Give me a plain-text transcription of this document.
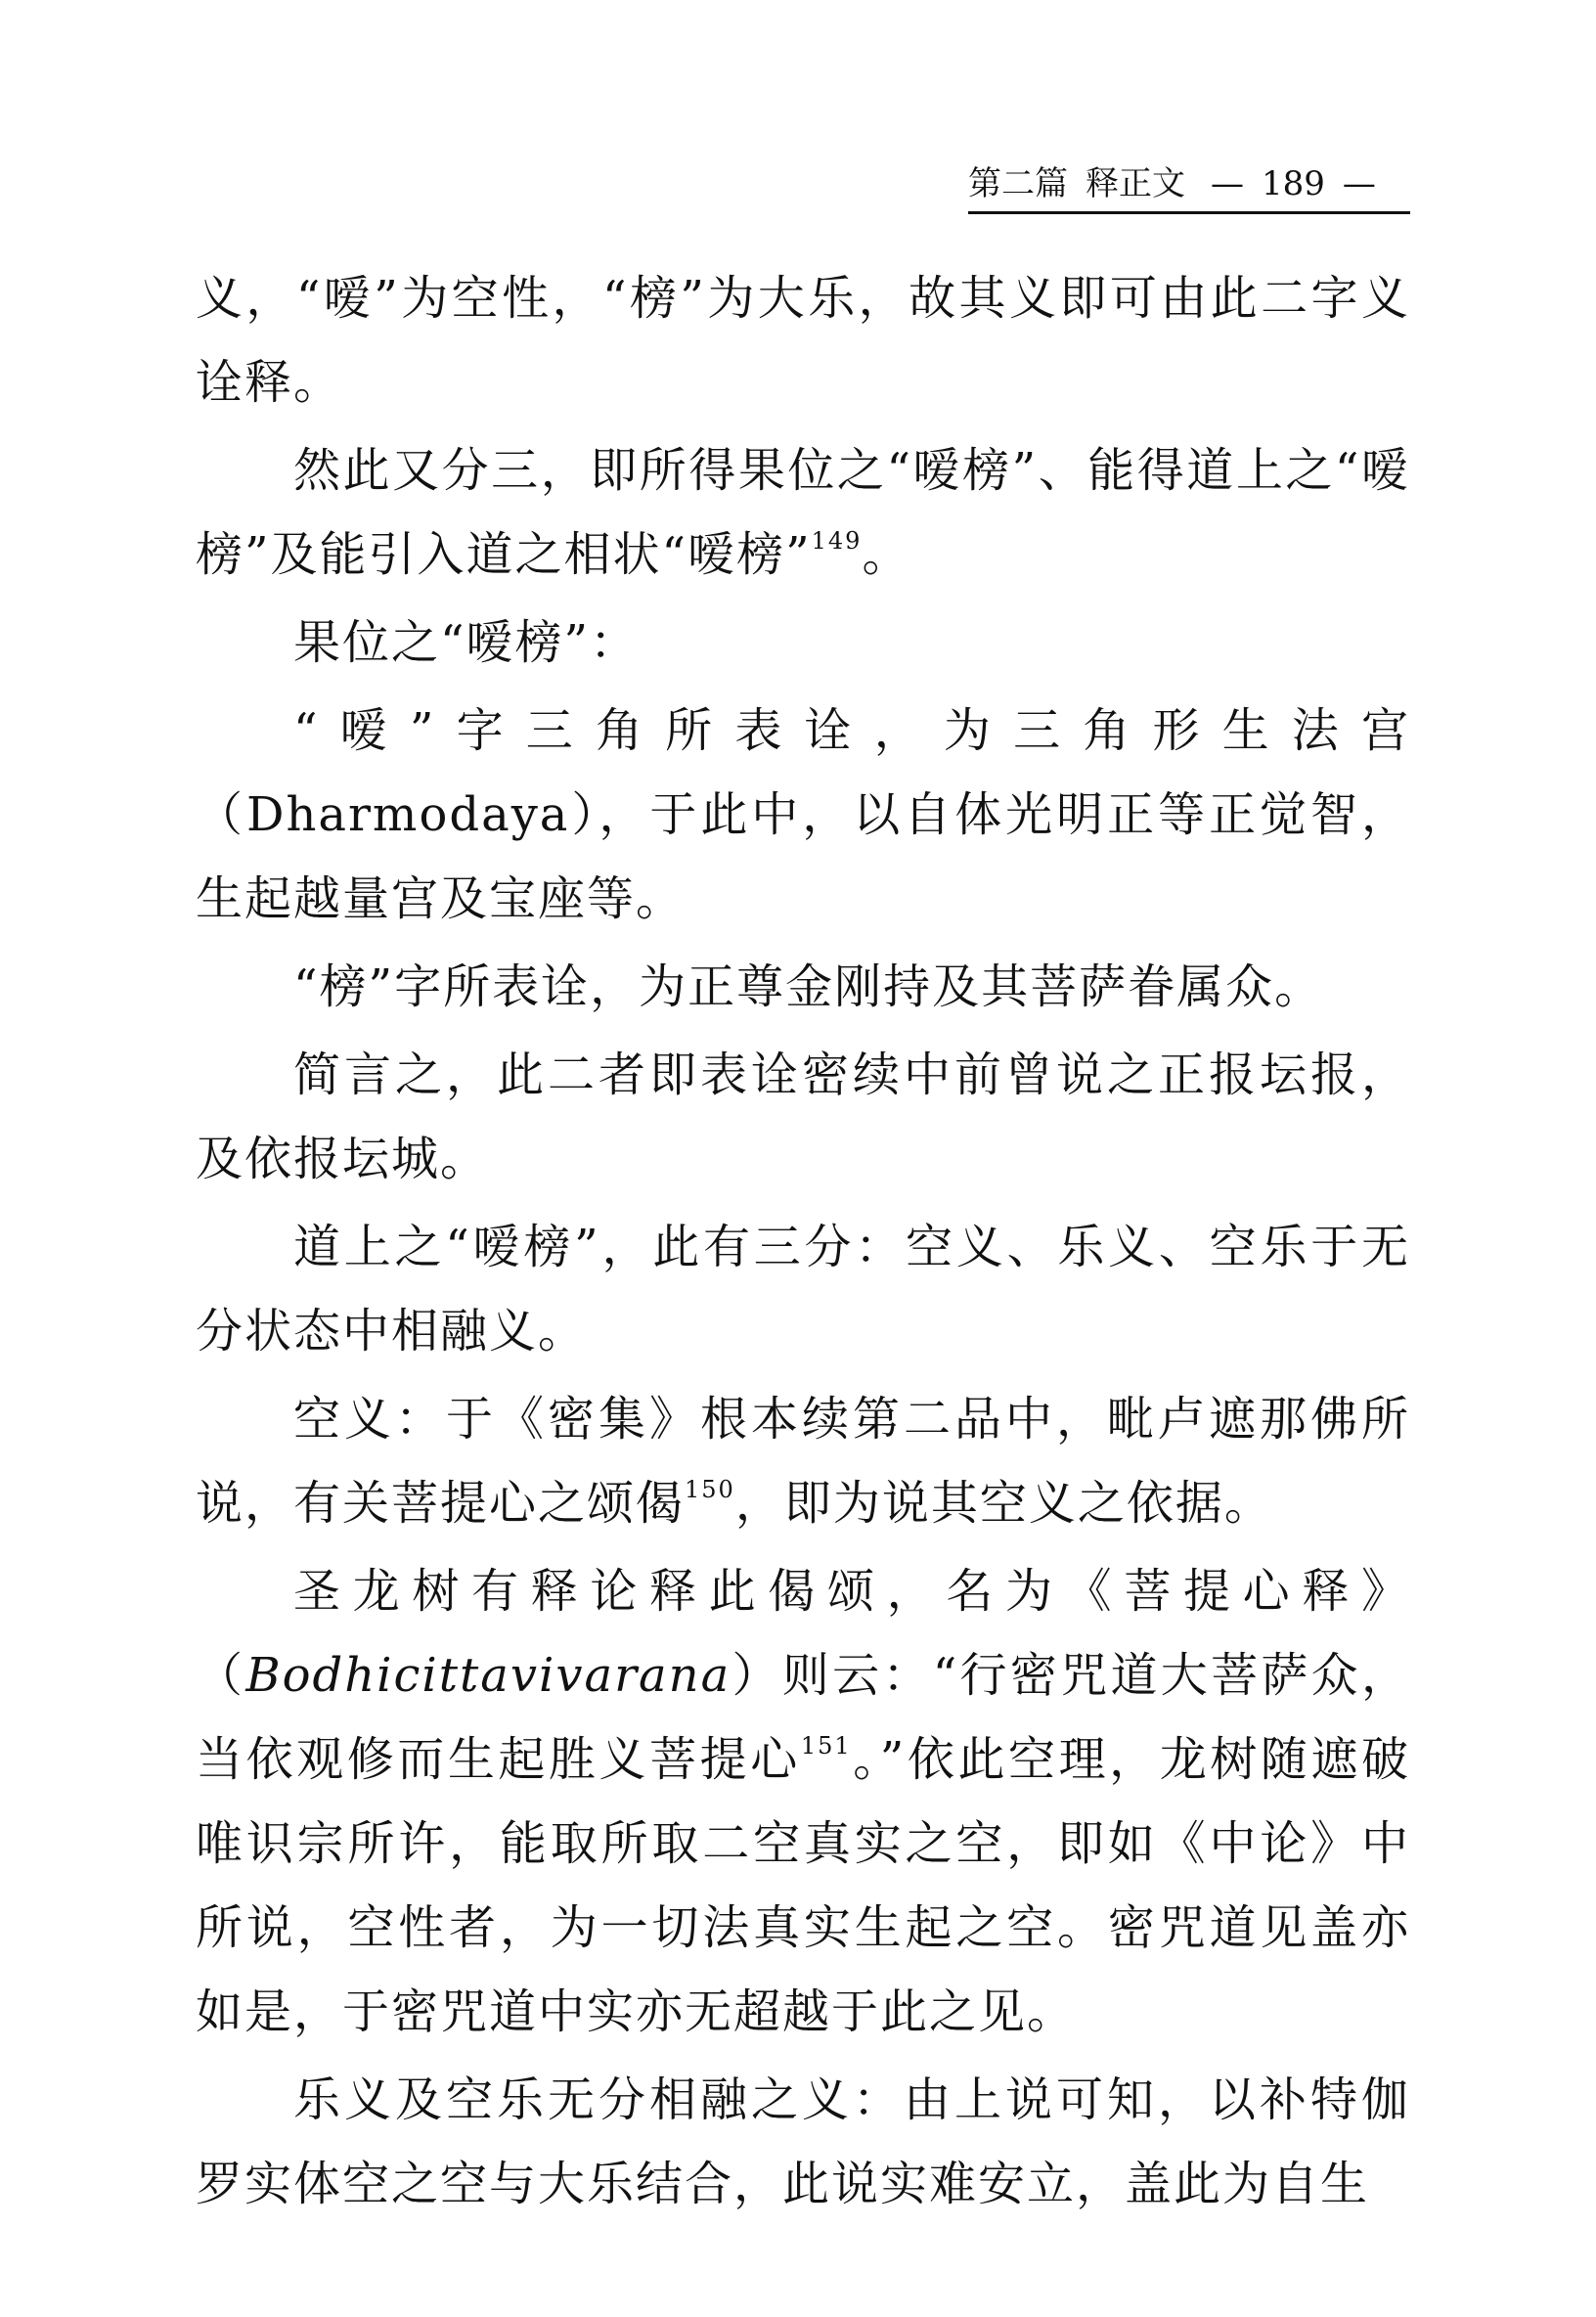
第二篇 释正文 — 189 —

义，“嗳”为空性，“榜”为大乐，故其义即可由此二字义诠释。

然此又分三，即所得果位之“嗳榜”、能得道上之“嗳榜”及能引入道之相状“嗳榜”$^{149}$。

果位之“嗳榜”：

“嗳”字三角所表诠，为三角形生法宫（Dharmodaya），于此中，以自体光明正等正觉智，生起越量宫及宝座等。

“榜”字所表诠，为正尊金刚持及其菩萨眷属众。

简言之，此二者即表诠密续中前曾说之正报坛报，及依报坛城。

道上之“嗳榜”，此有三分：空义、乐义、空乐于无分状态中相融义。

空义：于《密集》根本续第二品中，毗卢遮那佛所说，有关菩提心之颂偈$^{150}$，即为说其空义之依据。

圣龙树有释论释此偈颂，名为《菩提心释》（Bodhicittavivarana）则云：“行密咒道大菩萨众，当依观修而生起胜义菩提心$^{151}$。”依此空理，龙树随遮破唯识宗所许，能取所取二空真实之空，即如《中论》中所说，空性者，为一切法真实生起之空。密咒道见盖亦如是，于密咒道中实亦无超越于此之见。

乐义及空乐无分相融之义：由上说可知，以补特伽罗实体空之空与大乐结合，此说实难安立，盖此为自生
